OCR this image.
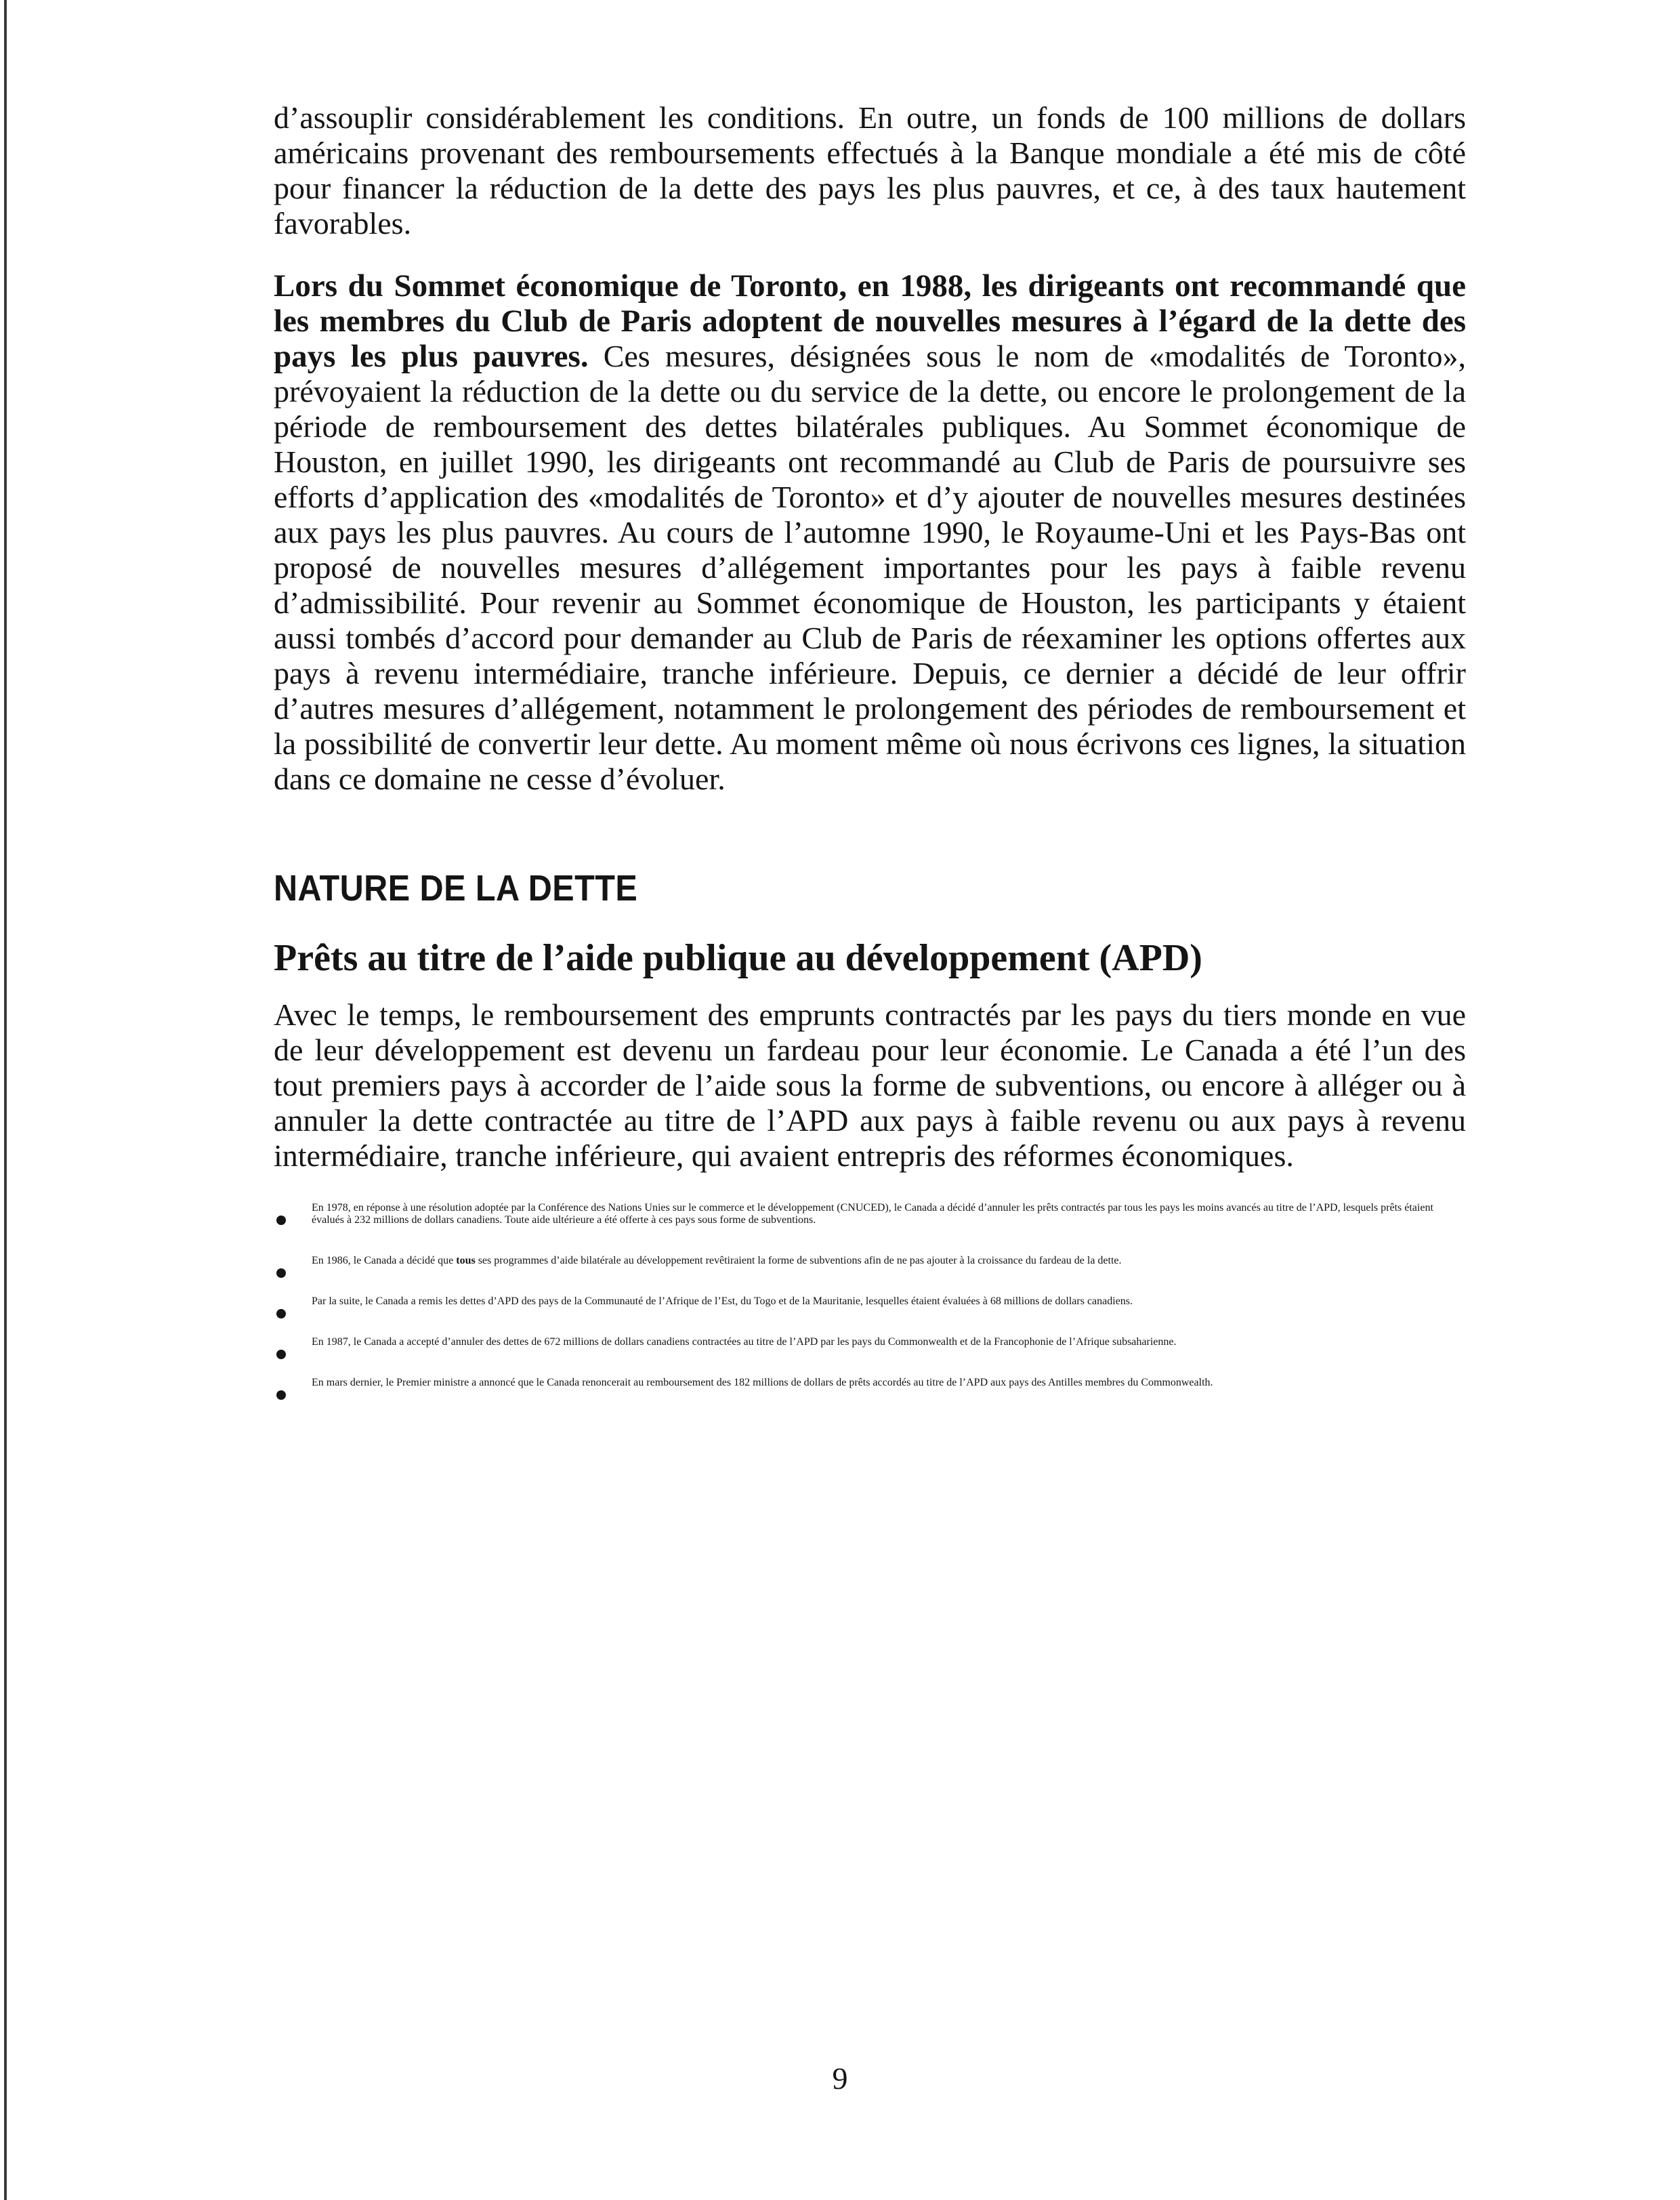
d’assouplir considérablement les conditions. En outre, un fonds de 100 millions de dollars américains provenant des remboursements effectués à la Banque mondiale a été mis de côté pour financer la réduction de la dette des pays les plus pauvres, et ce, à des taux hautement favorables.

Lors du Sommet économique de Toronto, en 1988, les dirigeants ont recommandé que les membres du Club de Paris adoptent de nouvelles mesures à l’égard de la dette des pays les plus pauvres. Ces mesures, désignées sous le nom de «modalités de Toronto», prévoyaient la réduction de la dette ou du service de la dette, ou encore le prolongement de la période de remboursement des dettes bilatérales publiques. Au Sommet économique de Houston, en juillet 1990, les dirigeants ont recommandé au Club de Paris de poursuivre ses efforts d’application des «modalités de Toronto» et d’y ajouter de nouvelles mesures destinées aux pays les plus pauvres. Au cours de l’automne 1990, le Royaume-Uni et les Pays-Bas ont proposé de nouvelles mesures d’allégement importantes pour les pays à faible revenu d’admissibilité. Pour revenir au Sommet économique de Houston, les participants y étaient aussi tombés d’accord pour demander au Club de Paris de réexaminer les options offertes aux pays à revenu intermédiaire, tranche inférieure. Depuis, ce dernier a décidé de leur offrir d’autres mesures d’allégement, notamment le prolongement des périodes de remboursement et la possibilité de convertir leur dette. Au moment même où nous écrivons ces lignes, la situation dans ce domaine ne cesse d’évoluer.

NATURE DE LA DETTE
Prêts au titre de l’aide publique au développement (APD)

Avec le temps, le remboursement des emprunts contractés par les pays du tiers monde en vue de leur développement est devenu un fardeau pour leur économie. Le Canada a été l’un des tout premiers pays à accorder de l’aide sous la forme de subventions, ou encore à alléger ou à annuler la dette contractée au titre de l’APD aux pays à faible revenu ou aux pays à revenu intermédiaire, tranche inférieure, qui avaient entrepris des réformes économiques.

En 1978, en réponse à une résolution adoptée par la Conférence des Nations Unies sur le commerce et le développement (CNUCED), le Canada a décidé d’annuler les prêts contractés par tous les pays les moins avancés au titre de l’APD, lesquels prêts étaient évalués à 232 millions de dollars canadiens. Toute aide ultérieure a été offerte à ces pays sous forme de subventions.
En 1986, le Canada a décidé que tous ses programmes d’aide bilatérale au développement revêtiraient la forme de subventions afin de ne pas ajouter à la croissance du fardeau de la dette.
Par la suite, le Canada a remis les dettes d’APD des pays de la Communauté de l’Afrique de l’Est, du Togo et de la Mauritanie, lesquelles étaient évaluées à 68 millions de dollars canadiens.
En 1987, le Canada a accepté d’annuler des dettes de 672 millions de dollars canadiens contractées au titre de l’APD par les pays du Commonwealth et de la Francophonie de l’Afrique subsaharienne.
En mars dernier, le Premier ministre a annoncé que le Canada renoncerait au remboursement des 182 millions de dollars de prêts accordés au titre de l’APD aux pays des Antilles membres du Commonwealth.
9
